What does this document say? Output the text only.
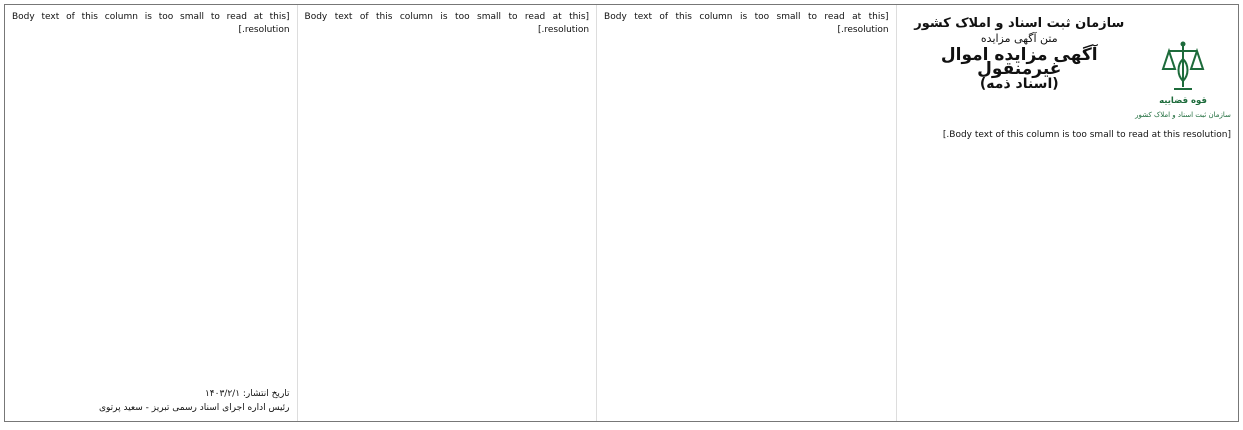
قوه قضاییه
سازمان ثبت اسناد و املاک کشور
سازمان ثبت اسناد و املاک کشور
متن آگهی مزایده
آگهی مزایده اموال غیرمنقول
(اسناد ذمه)

[Body text of this column is too small to read at this resolution.]

[Body text of this column is too small to read at this resolution.]

[Body text of this column is too small to read at this resolution.]

[Body text of this column is too small to read at this resolution.]

تاریخ انتشار: ۱۴۰۳/۲/۱
رئیس اداره اجرای اسناد رسمی تبریز - سعید پرتوی
